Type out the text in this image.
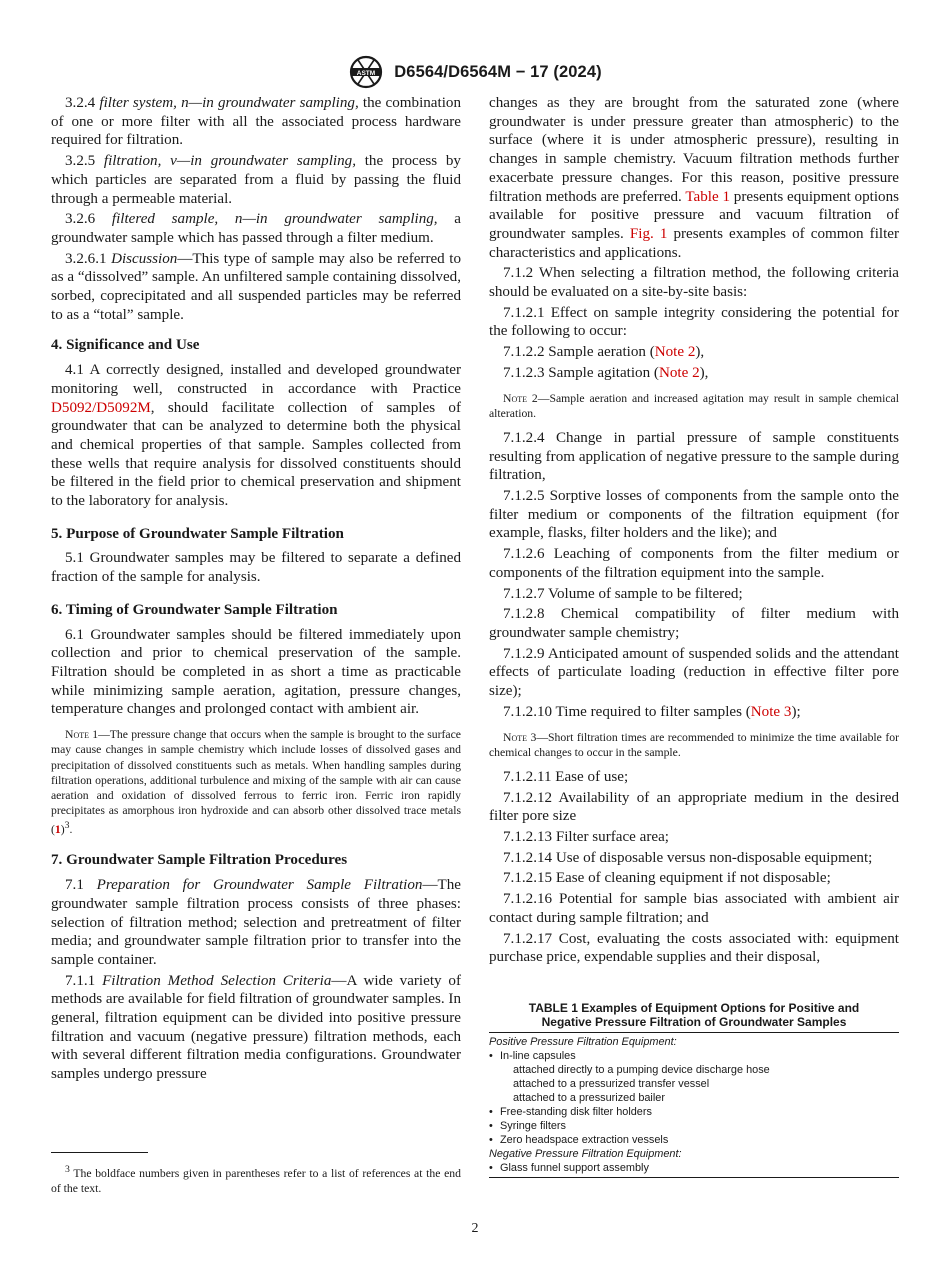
ASTM D6564/D6564M − 17 (2024)

3.2.4 filter system, n—in groundwater sampling, the combination of one or more filter with all the associated process hardware required for filtration.

3.2.5 filtration, v—in groundwater sampling, the process by which particles are separated from a fluid by passing the fluid through a permeable material.

3.2.6 filtered sample, n—in groundwater sampling, a groundwater sample which has passed through a filter medium.

3.2.6.1 Discussion—This type of sample may also be referred to as a “dissolved” sample. An unfiltered sample containing dissolved, sorbed, coprecipitated and all suspended particles may be referred to as a “total” sample.

4. Significance and Use

4.1 A correctly designed, installed and developed groundwater monitoring well, constructed in accordance with Practice D5092/D5092M, should facilitate collection of samples of groundwater that can be analyzed to determine both the physical and chemical properties of that sample. Samples collected from these wells that require analysis for dissolved constituents should be filtered in the field prior to chemical preservation and shipment to the laboratory for analysis.

5. Purpose of Groundwater Sample Filtration

5.1 Groundwater samples may be filtered to separate a defined fraction of the sample for analysis.

6. Timing of Groundwater Sample Filtration

6.1 Groundwater samples should be filtered immediately upon collection and prior to chemical preservation of the sample. Filtration should be completed in as short a time as practicable while minimizing sample aeration, agitation, pressure changes, temperature changes and prolonged contact with ambient air.

Note 1—The pressure change that occurs when the sample is brought to the surface may cause changes in sample chemistry which include losses of dissolved gases and precipitation of dissolved constituents such as metals. When handling samples during filtration operations, additional turbulence and mixing of the sample with air can cause aeration and oxidation of dissolved ferrous to ferric iron. Ferric iron rapidly precipitates as amorphous iron hydroxide and can absorb other dissolved trace metals $(1)^3$.

7. Groundwater Sample Filtration Procedures

7.1 Preparation for Groundwater Sample Filtration—The groundwater sample filtration process consists of three phases: selection of filtration method; selection and pretreatment of filter media; and groundwater sample filtration prior to transfer into the sample container.

7.1.1 Filtration Method Selection Criteria—A wide variety of methods are available for field filtration of groundwater samples. In general, filtration equipment can be divided into positive pressure filtration and vacuum (negative pressure) filtration methods, each with several different filtration media configurations. Groundwater samples undergo pressure

$^3$ The boldface numbers given in parentheses refer to a list of references at the end of the text.

changes as they are brought from the saturated zone (where groundwater is under pressure greater than atmospheric) to the surface (where it is under atmospheric pressure), resulting in changes in sample chemistry. Vacuum filtration methods further exacerbate pressure changes. For this reason, positive pressure filtration methods are preferred. Table 1 presents equipment options available for positive pressure and vacuum filtration of groundwater samples. Fig. 1 presents examples of common filter characteristics and applications.

7.1.2 When selecting a filtration method, the following criteria should be evaluated on a site-by-site basis:

7.1.2.1 Effect on sample integrity considering the potential for the following to occur:

7.1.2.2 Sample aeration (Note 2),

7.1.2.3 Sample agitation (Note 2),

Note 2—Sample aeration and increased agitation may result in sample chemical alteration.

7.1.2.4 Change in partial pressure of sample constituents resulting from application of negative pressure to the sample during filtration,

7.1.2.5 Sorptive losses of components from the sample onto the filter medium or components of the filtration equipment (for example, flasks, filter holders and the like); and

7.1.2.6 Leaching of components from the filter medium or components of the filtration equipment into the sample.

7.1.2.7 Volume of sample to be filtered;

7.1.2.8 Chemical compatibility of filter medium with groundwater sample chemistry;

7.1.2.9 Anticipated amount of suspended solids and the attendant effects of particulate loading (reduction in effective filter pore size);

7.1.2.10 Time required to filter samples (Note 3);

Note 3—Short filtration times are recommended to minimize the time available for chemical changes to occur in the sample.

7.1.2.11 Ease of use;

7.1.2.12 Availability of an appropriate medium in the desired filter pore size

7.1.2.13 Filter surface area;

7.1.2.14 Use of disposable versus non-disposable equipment;

7.1.2.15 Ease of cleaning equipment if not disposable;

7.1.2.16 Potential for sample bias associated with ambient air contact during sample filtration; and

7.1.2.17 Cost, evaluating the costs associated with: equipment purchase price, expendable supplies and their disposal,

TABLE 1 Examples of Equipment Options for Positive and
Negative Pressure Filtration of Groundwater Samples
Positive Pressure Filtration Equipment:
• In-line capsules
attached directly to a pumping device discharge hose
attached to a pressurized transfer vessel
attached to a pressurized bailer
• Free-standing disk filter holders
• Syringe filters
• Zero headspace extraction vessels
Negative Pressure Filtration Equipment:
• Glass funnel support assembly
2
